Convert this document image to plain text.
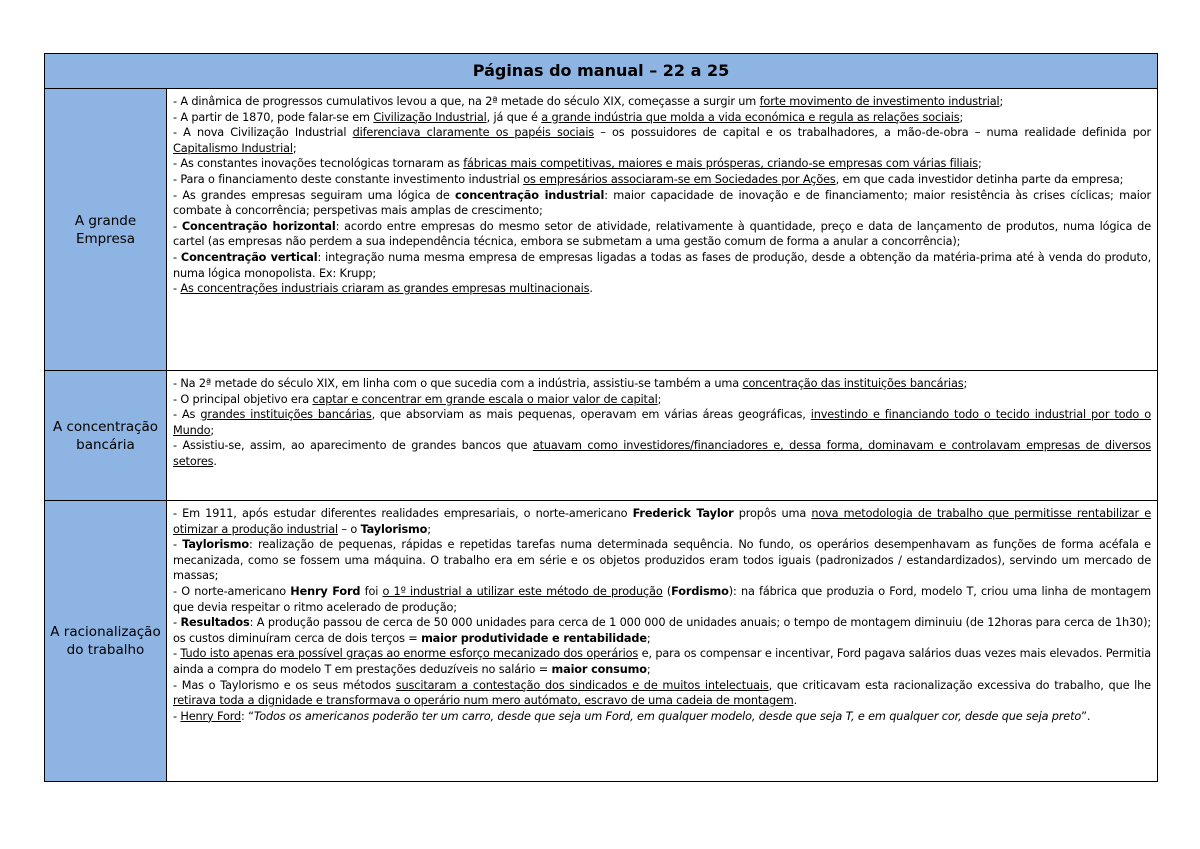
Páginas do manual – 22 a 25
A grande Empresa

- A dinâmica de progressos cumulativos levou a que, na 2ª metade do século XIX, começasse a surgir um forte movimento de investimento industrial;

- A partir de 1870, pode falar-se em Civilização Industrial, já que é a grande indústria que molda a vida económica e regula as relações sociais;

- A nova Civilização Industrial diferenciava claramente os papéis sociais – os possuidores de capital e os trabalhadores, a mão-de-obra – numa realidade definida por Capitalismo Industrial;

- As constantes inovações tecnológicas tornaram as fábricas mais competitivas, maiores e mais prósperas, criando-se empresas com várias filiais;

- Para o financiamento deste constante investimento industrial os empresários associaram-se em Sociedades por Ações, em que cada investidor detinha parte da empresa;

- As grandes empresas seguiram uma lógica de concentração industrial: maior capacidade de inovação e de financiamento; maior resistência às crises cíclicas; maior combate à concorrência; perspetivas mais amplas de crescimento;

- Concentração horizontal: acordo entre empresas do mesmo setor de atividade, relativamente à quantidade, preço e data de lançamento de produtos, numa lógica de cartel (as empresas não perdem a sua independência técnica, embora se submetam a uma gestão comum de forma a anular a concorrência);

- Concentração vertical: integração numa mesma empresa de empresas ligadas a todas as fases de produção, desde a obtenção da matéria-prima até à venda do produto, numa lógica monopolista. Ex: Krupp;

- As concentrações industriais criaram as grandes empresas multinacionais.

A concentração bancária

- Na 2ª metade do século XIX, em linha com o que sucedia com a indústria, assistiu-se também a uma concentração das instituições bancárias;

- O principal objetivo era captar e concentrar em grande escala o maior valor de capital;

- As grandes instituições bancárias, que absorviam as mais pequenas, operavam em várias áreas geográficas, investindo e financiando todo o tecido industrial por todo o Mundo;

- Assistiu-se, assim, ao aparecimento de grandes bancos que atuavam como investidores/financiadores e, dessa forma, dominavam e controlavam empresas de diversos setores.

A racionalização do trabalho

- Em 1911, após estudar diferentes realidades empresariais, o norte-americano Frederick Taylor propôs uma nova metodologia de trabalho que permitisse rentabilizar e otimizar a produção industrial – o Taylorismo;

- Taylorismo: realização de pequenas, rápidas e repetidas tarefas numa determinada sequência. No fundo, os operários desempenhavam as funções de forma acéfala e mecanizada, como se fossem uma máquina. O trabalho era em série e os objetos produzidos eram todos iguais (padronizados / estandardizados), servindo um mercado de massas;

- O norte-americano Henry Ford foi o 1º industrial a utilizar este método de produção (Fordismo): na fábrica que produzia o Ford, modelo T, criou uma linha de montagem que devia respeitar o ritmo acelerado de produção;

- Resultados: A produção passou de cerca de 50 000 unidades para cerca de 1 000 000 de unidades anuais; o tempo de montagem diminuiu (de 12horas para cerca de 1h30); os custos diminuíram cerca de dois terços = maior produtividade e rentabilidade;

- Tudo isto apenas era possível graças ao enorme esforço mecanizado dos operários e, para os compensar e incentivar, Ford pagava salários duas vezes mais elevados. Permitia ainda a compra do modelo T em prestações deduzíveis no salário = maior consumo;

- Mas o Taylorismo e os seus métodos suscitaram a contestação dos sindicados e de muitos intelectuais, que criticavam esta racionalização excessiva do trabalho, que lhe retirava toda a dignidade e transformava o operário num mero autómato, escravo de uma cadeia de montagem.

- Henry Ford: “Todos os americanos poderão ter um carro, desde que seja um Ford, em qualquer modelo, desde que seja T, e em qualquer cor, desde que seja preto”.
